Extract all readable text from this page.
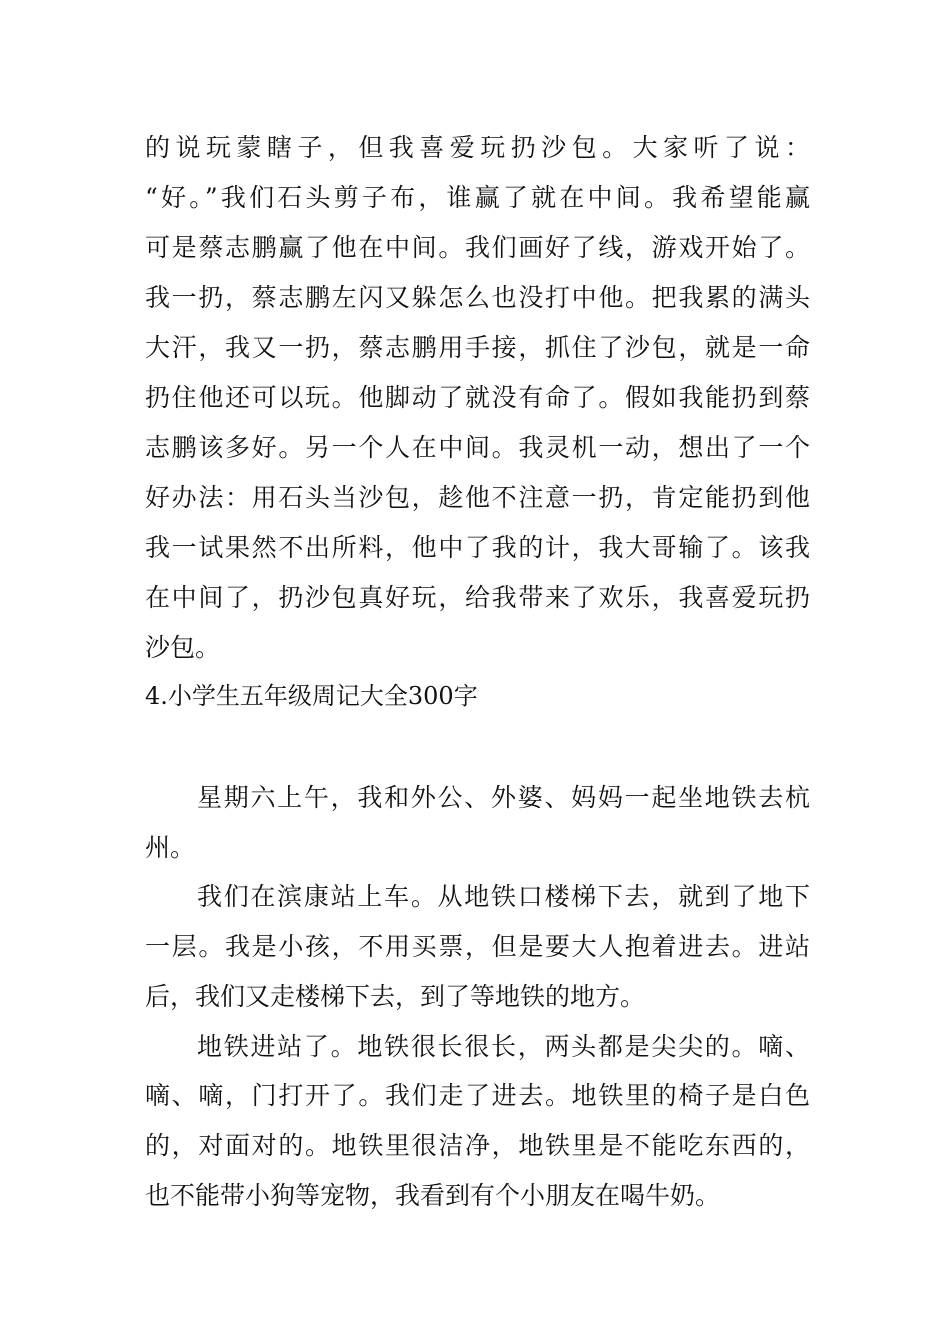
的说玩蒙瞎子，但我喜爱玩扔沙包。大家听了说：
“好。”我们石头剪子布，谁赢了就在中间。我希望能赢
可是蔡志鹏赢了他在中间。我们画好了线，游戏开始了。
我一扔，蔡志鹏左闪又躲怎么也没打中他。把我累的满头
大汗，我又一扔，蔡志鹏用手接，抓住了沙包，就是一命
扔住他还可以玩。他脚动了就没有命了。假如我能扔到蔡
志鹏该多好。另一个人在中间。我灵机一动，想出了一个
好办法：用石头当沙包，趁他不注意一扔，肯定能扔到他
我一试果然不出所料，他中了我的计，我大哥输了。该我
在中间了，扔沙包真好玩，给我带来了欢乐，我喜爱玩扔
沙包。
4.小学生五年级周记大全300字
星期六上午，我和外公、外婆、妈妈一起坐地铁去杭
州。
我们在滨康站上车。从地铁口楼梯下去，就到了地下
一层。我是小孩，不用买票，但是要大人抱着进去。进站
后，我们又走楼梯下去，到了等地铁的地方。
地铁进站了。地铁很长很长，两头都是尖尖的。嘀、
嘀、嘀，门打开了。我们走了进去。地铁里的椅子是白色
的，对面对的。地铁里很洁净，地铁里是不能吃东西的，
也不能带小狗等宠物，我看到有个小朋友在喝牛奶。
